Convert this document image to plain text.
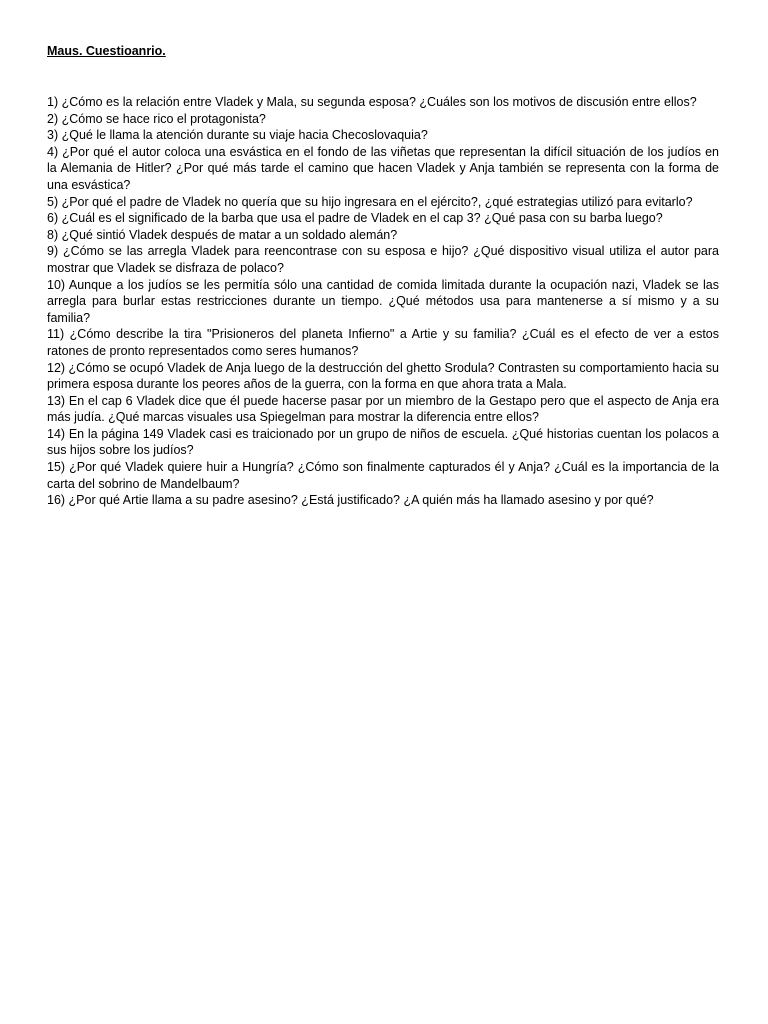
Maus. Cuestioanrio.
1) ¿Cómo es la relación entre Vladek y Mala, su segunda esposa? ¿Cuáles son los motivos de discusión entre ellos?
2) ¿Cómo se hace rico el protagonista?
3) ¿Qué le llama la atención durante su viaje hacia Checoslovaquia?
4) ¿Por qué el autor coloca una esvástica en el fondo de las viñetas que representan la difícil situación de los judíos en la Alemania de Hitler? ¿Por qué más tarde el camino que hacen Vladek y Anja también se representa con la forma de una esvástica?
5) ¿Por qué el padre de Vladek no quería que su hijo ingresara en el ejército?, ¿qué estrategias utilizó para evitarlo?
6) ¿Cuál es el significado de la barba que usa el padre de Vladek en el cap 3? ¿Qué pasa con su barba luego?
8) ¿Qué sintió Vladek después de matar a un soldado alemán?
9) ¿Cómo se las arregla Vladek para reencontrase con su esposa e hijo? ¿Qué dispositivo visual utiliza el autor para mostrar que Vladek se disfraza de polaco?
10) Aunque a los judíos se les permitía sólo una cantidad de comida limitada durante la ocupación nazi, Vladek se las arregla para burlar estas restricciones durante un tiempo. ¿Qué métodos usa para mantenerse a sí mismo y a su familia?
11) ¿Cómo describe la tira "Prisioneros del planeta Infierno" a Artie y su familia? ¿Cuál es el efecto de ver a estos ratones de pronto representados como seres humanos?
12) ¿Cómo se ocupó Vladek de Anja luego de la destrucción del ghetto Srodula? Contrasten su comportamiento hacia su primera esposa durante los peores años de la guerra, con la forma en que ahora trata a Mala.
13) En el cap 6 Vladek dice que él puede hacerse pasar por un miembro de la Gestapo pero que el aspecto de Anja era más judía. ¿Qué marcas visuales usa Spiegelman para mostrar la diferencia entre ellos?
14) En la página 149 Vladek casi es traicionado por un grupo de niños de escuela. ¿Qué historias cuentan los polacos a sus hijos sobre los judíos?
15) ¿Por qué Vladek quiere huir a Hungría? ¿Cómo son finalmente capturados él y Anja? ¿Cuál es la importancia de la carta del sobrino de Mandelbaum?
16) ¿Por qué Artie llama a su padre asesino? ¿Está justificado? ¿A quién más ha llamado asesino y por qué?
